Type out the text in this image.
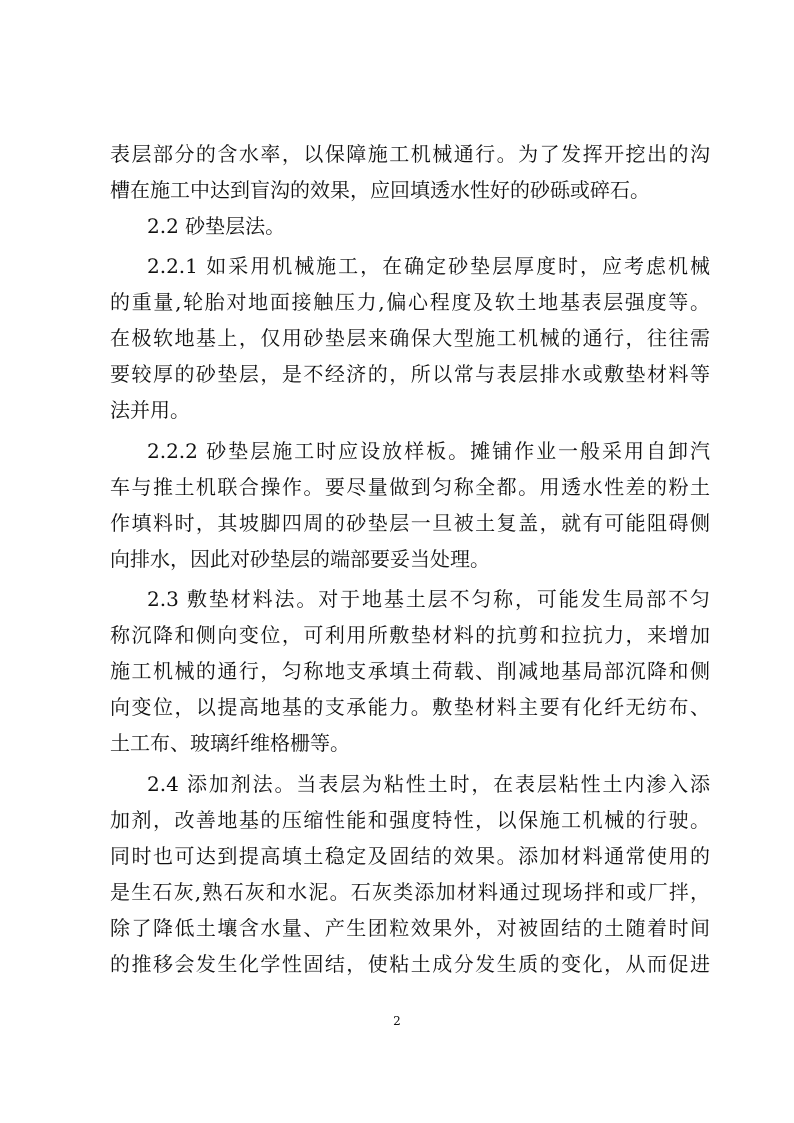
表层部分的含水率，以保障施工机械通行。为了发挥开挖出的沟
槽在施工中达到盲沟的效果，应回填透水性好的砂砾或碎石。
2.2 砂垫层法。
2.2.1 如采用机械施工，在确定砂垫层厚度时，应考虑机械
的重量,轮胎对地面接触压力,偏心程度及软土地基表层强度等。
在极软地基上，仅用砂垫层来确保大型施工机械的通行，往往需
要较厚的砂垫层，是不经济的，所以常与表层排水或敷垫材料等
法并用。
2.2.2 砂垫层施工时应设放样板。摊铺作业一般采用自卸汽
车与推土机联合操作。要尽量做到匀称全都。用透水性差的粉土
作填料时，其坡脚四周的砂垫层一旦被土复盖，就有可能阻碍侧
向排水，因此对砂垫层的端部要妥当处理。
2.3 敷垫材料法。对于地基土层不匀称，可能发生局部不匀
称沉降和侧向变位，可利用所敷垫材料的抗剪和拉抗力，来增加
施工机械的通行，匀称地支承填土荷载、削减地基局部沉降和侧
向变位，以提高地基的支承能力。敷垫材料主要有化纤无纺布、
土工布、玻璃纤维格栅等。
2.4 添加剂法。当表层为粘性土时，在表层粘性土内渗入添
加剂，改善地基的压缩性能和强度特性，以保施工机械的行驶。
同时也可达到提高填土稳定及固结的效果。添加材料通常使用的
是生石灰,熟石灰和水泥。石灰类添加材料通过现场拌和或厂拌，
除了降低土壤含水量、产生团粒效果外，对被固结的土随着时间
的推移会发生化学性固结，使粘土成分发生质的变化，从而促进
2
